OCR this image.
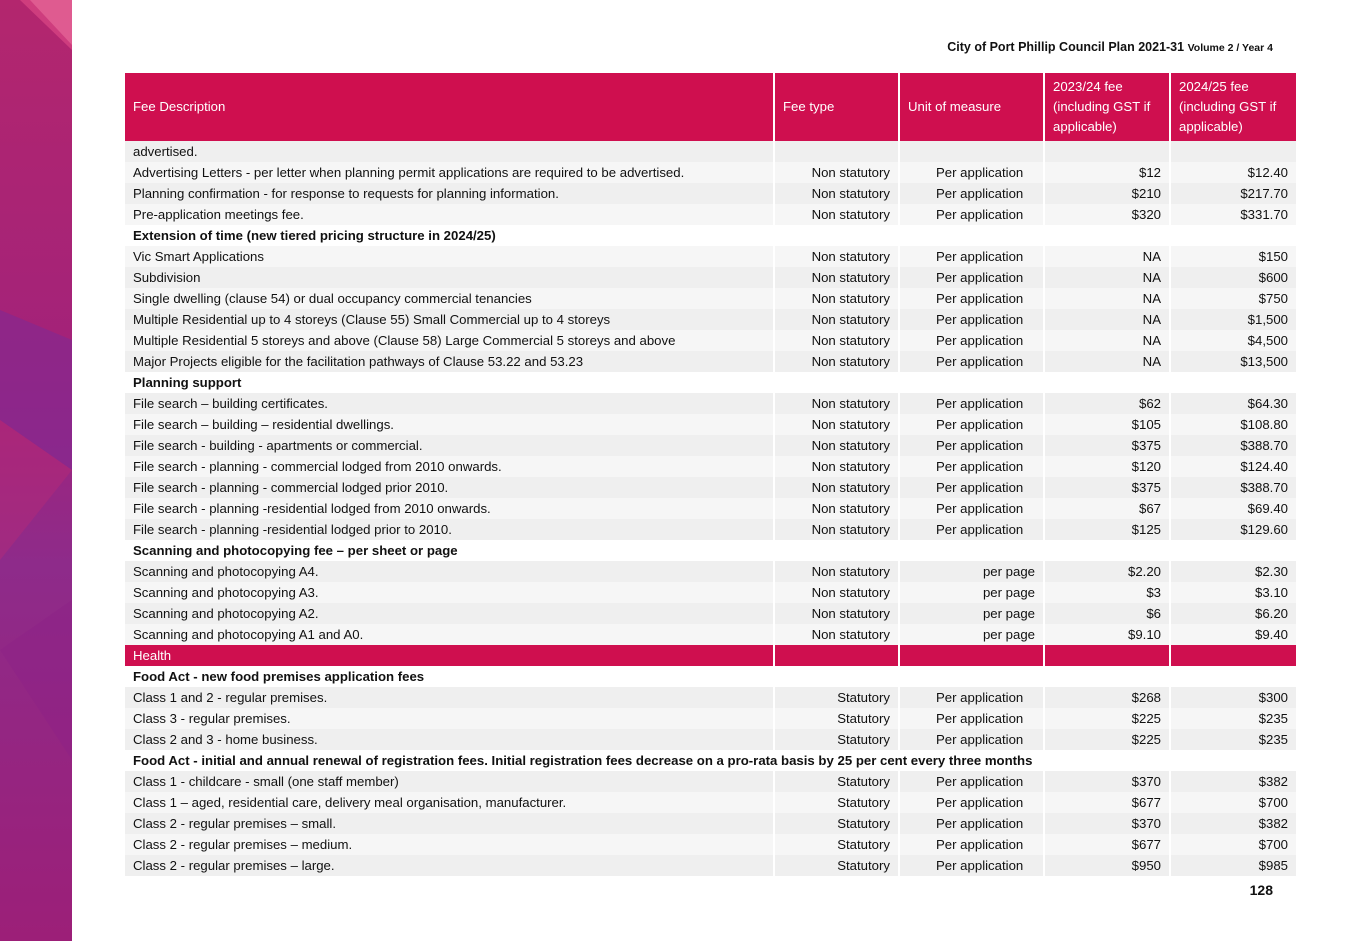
City of Port Phillip Council Plan 2021-31 Volume 2 / Year 4
Fee Description	Fee type	Unit of measure	2023/24 fee (including GST if applicable)	2024/25 fee (including GST if applicable)
advertised.				
Advertising Letters - per letter when planning permit applications are required to be advertised.	Non statutory	Per application	$12	$12.40
Planning confirmation - for response to requests for planning information.	Non statutory	Per application	$210	$217.70
Pre-application meetings fee.	Non statutory	Per application	$320	$331.70
Extension of time (new tiered pricing structure in 2024/25)				
Vic Smart Applications	Non statutory	Per application	NA	$150
Subdivision	Non statutory	Per application	NA	$600
Single dwelling (clause 54) or dual occupancy commercial tenancies	Non statutory	Per application	NA	$750
Multiple Residential up to 4 storeys (Clause 55) Small Commercial up to 4 storeys	Non statutory	Per application	NA	$1,500
Multiple Residential 5 storeys and above (Clause 58) Large Commercial 5 storeys and above	Non statutory	Per application	NA	$4,500
Major Projects eligible for the facilitation pathways of Clause 53.22 and 53.23	Non statutory	Per application	NA	$13,500
Planning support				
File search – building certificates.	Non statutory	Per application	$62	$64.30
File search – building – residential dwellings.	Non statutory	Per application	$105	$108.80
File search - building - apartments or commercial.	Non statutory	Per application	$375	$388.70
File search - planning - commercial lodged from 2010 onwards.	Non statutory	Per application	$120	$124.40
File search - planning - commercial lodged prior 2010.	Non statutory	Per application	$375	$388.70
File search - planning -residential lodged from 2010 onwards.	Non statutory	Per application	$67	$69.40
File search - planning -residential lodged prior to 2010.	Non statutory	Per application	$125	$129.60
Scanning and photocopying fee – per sheet or page				
Scanning and photocopying A4.	Non statutory	per page	$2.20	$2.30
Scanning and photocopying A3.	Non statutory	per page	$3	$3.10
Scanning and photocopying A2.	Non statutory	per page	$6	$6.20
Scanning and photocopying A1 and A0.	Non statutory	per page	$9.10	$9.40
Health				
Food Act - new food premises application fees				
Class 1 and 2 - regular premises.	Statutory	Per application	$268	$300
Class 3 - regular premises.	Statutory	Per application	$225	$235
Class 2 and 3 - home business.	Statutory	Per application	$225	$235
Food Act - initial and annual renewal of registration fees. Initial registration fees decrease on a pro-rata basis by 25 per cent every three months				
Class 1 - childcare - small (one staff member)	Statutory	Per application	$370	$382
Class 1 – aged, residential care, delivery meal organisation, manufacturer.	Statutory	Per application	$677	$700
Class 2 - regular premises – small.	Statutory	Per application	$370	$382
Class 2 - regular premises – medium.	Statutory	Per application	$677	$700
Class 2 - regular premises – large.	Statutory	Per application	$950	$985
128
